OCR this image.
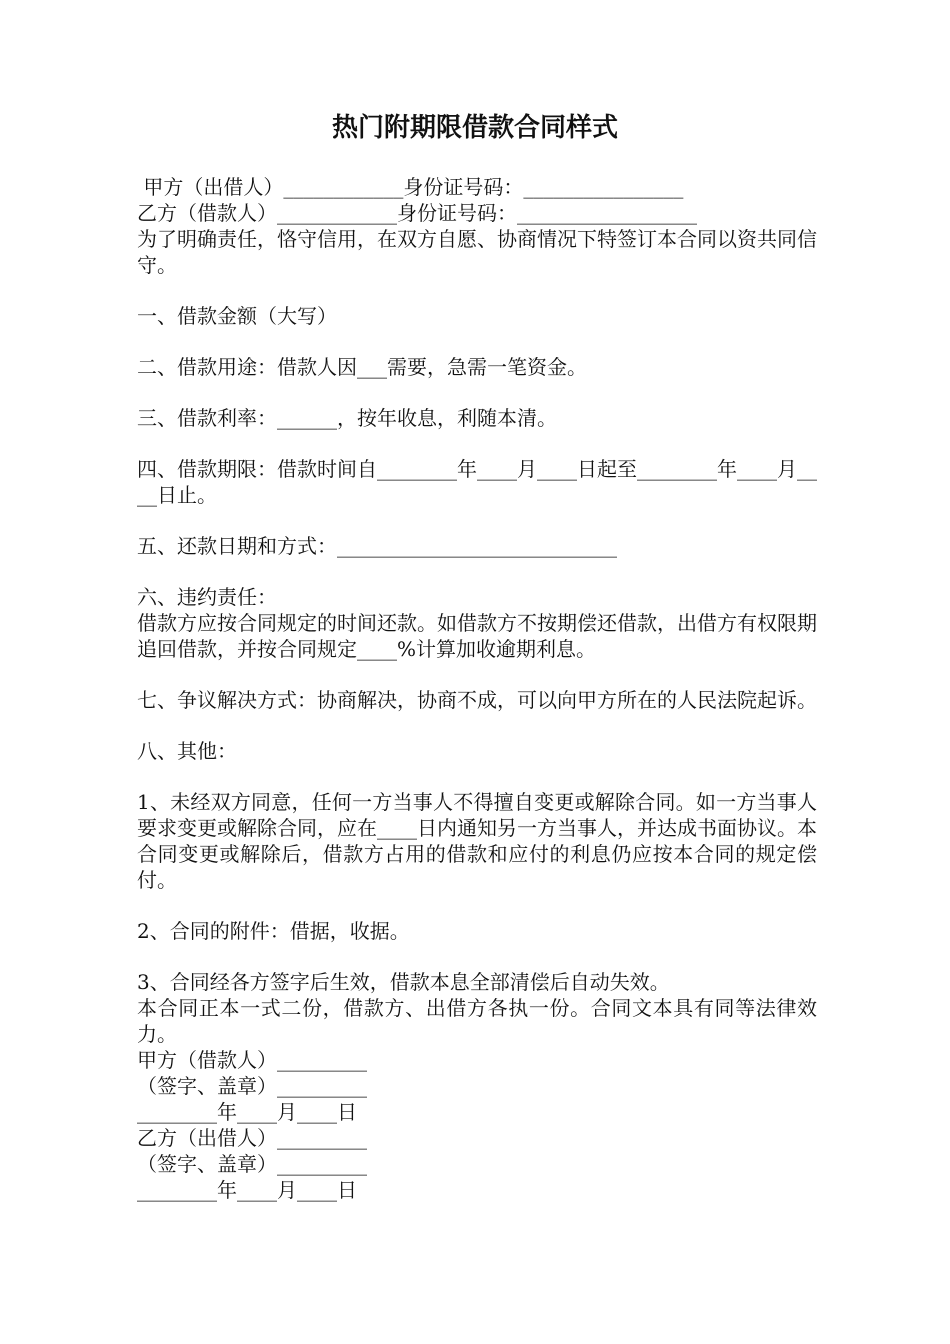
热门附期限借款合同样式
甲方（出借人）____________身份证号码：________________
乙方（借款人）____________身份证号码：__________________
为了明确责任，恪守信用，在双方自愿、协商情况下特签订本合同以资共同信守。
一、借款金额（大写）
二、借款用途：借款人因___需要，急需一笔资金。
三、借款利率：______，按年收息，利随本清。
四、借款期限：借款时间自________年____月____日起至________年____月____日止。
五、还款日期和方式：____________________________
六、违约责任：
借款方应按合同规定的时间还款。如借款方不按期偿还借款，出借方有权限期追回借款，并按合同规定____%计算加收逾期利息。
七、争议解决方式：协商解决，协商不成，可以向甲方所在的人民法院起诉。
八、其他：
1、未经双方同意，任何一方当事人不得擅自变更或解除合同。如一方当事人要求变更或解除合同，应在____日内通知另一方当事人，并达成书面协议。本合同变更或解除后，借款方占用的借款和应付的利息仍应按本合同的规定偿付。
2、合同的附件：借据，收据。
3、合同经各方签字后生效，借款本息全部清偿后自动失效。
本合同正本一式二份，借款方、出借方各执一份。合同文本具有同等法律效力。
甲方（借款人）_________
（签字、盖章）_________
________年____月____日
乙方（出借人）_________
（签字、盖章）_________
________年____月____日
